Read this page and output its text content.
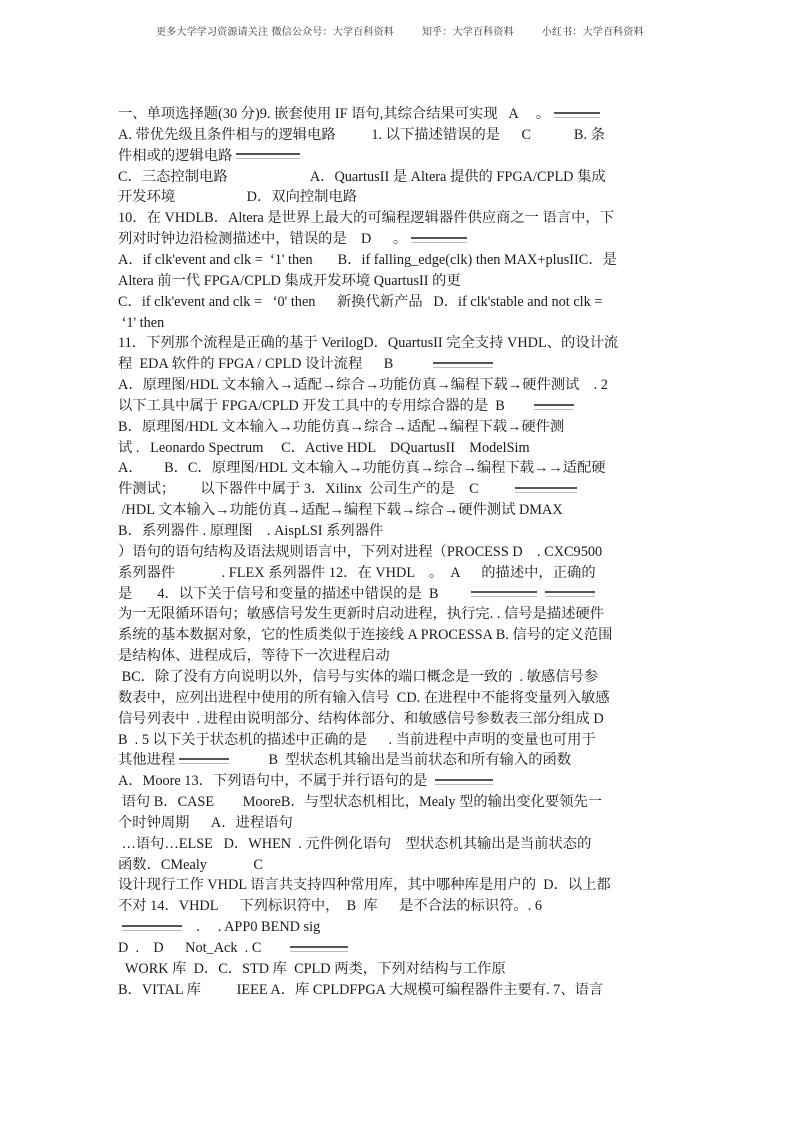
更多大学学习资源请关注 微信公众号：大学百科资料	知乎：大学百科资料	小红书：大学百科资料

一、单项选择题(30 分)9. 嵌套使用 IF 语句,其综合结果可实现   A     。
A. 带优先级且条件相与的逻辑电路          1. 以下描述错误的是      C            B. 条
件相或的逻辑电路
C．三态控制电路                       A．QuartusII 是 Altera 提供的 FPGA/CPLD 集成
开发环境                    D．双向控制电路
10．在 VHDLB．Altera 是世界上最大的可编程逻辑器件供应商之一 语言中，下
列对时钟边沿检测描述中，错误的是    D      。
A．if clk'event and clk =  ‘1' then       B．if falling_edge(clk) then MAX+plusIIC．是
Altera 前一代 FPGA/CPLD 集成开发环境 QuartusII 的更
C．if clk'event and clk =   ‘0' then      新换代新产品   D．if clk'stable and not clk =
‘1' then
11．下列那个流程是正确的基于 VerilogD．QuartusII 完全支持 VHDL、的设计流
程  EDA 软件的 FPGA / CPLD 设计流程      B
A．原理图/HDL 文本输入→适配→综合→功能仿真→编程下载→硬件测试    . 2
以下工具中属于 FPGA/CPLD 开发工具中的专用综合器的是  B
B．原理图/HDL 文本输入→功能仿真→综合→适配→编程下载→硬件测
试 .   Leonardo Spectrum     C．Active HDL    DQuartusII    ModelSim
A．      B．C．原理图/HDL 文本输入→功能仿真→综合→编程下载→→适配硬
件测试；       以下器件中属于 3．Xilinx  公司生产的是    C
/HDL 文本输入→功能仿真→适配→编程下载→综合→硬件测试 DMAX
B．系列器件 . 原理图    . AispLSI 系列器件
）语句的语句结构及语法规则语言中，下列对进程（PROCESS D    . CXC9500
系列器件             . FLEX 系列器件 12．在 VHDL    。  A      的描述中，正确的
是       4．以下关于信号和变量的描述中错误的是  B
为一无限循环语句；敏感信号发生更新时启动进程，执行完. . 信号是描述硬件
系统的基本数据对象，它的性质类似于连接线 A PROCESSA B. 信号的定义范围
是结构体、进程成后，等待下一次进程启动
BC．除了没有方向说明以外，信号与实体的端口概念是一致的  . 敏感信号参
数表中，应列出进程中使用的所有输入信号  CD. 在进程中不能将变量列入敏感
信号列表中  . 进程由说明部分、结构体部分、和敏感信号参数表三部分组成 D
B  . 5 以下关于状态机的描述中正确的是      . 当前进程中声明的变量也可用于
其他进程	B  型状态机其输出是当前状态和所有输入的函数
A．Moore 13．下列语句中，不属于并行语句的是
语句 B．CASE        MooreB．与型状态机相比，Mealy 型的输出变化要领先一
个时钟周期      A．进程语句
…语句…ELSE   D．WHEN  . 元件例化语句    型状态机其输出是当前状态的
函数．CMealy             C
设计现行工作 VHDL 语言共支持四种常用库，其中哪种库是用户的  D．以上都
不对 14．VHDL      下列标识符中，  B  库      是不合法的标识符。. 6
.     . APP0 BEND sig
D  .    D      Not_Ack  . C
WORK 库  D．C．STD 库  CPLD 两类，下列对结构与工作原
B．VITAL 库          IEEE A．库 CPLDFPGA 大规模可编程器件主要有. 7、语言
